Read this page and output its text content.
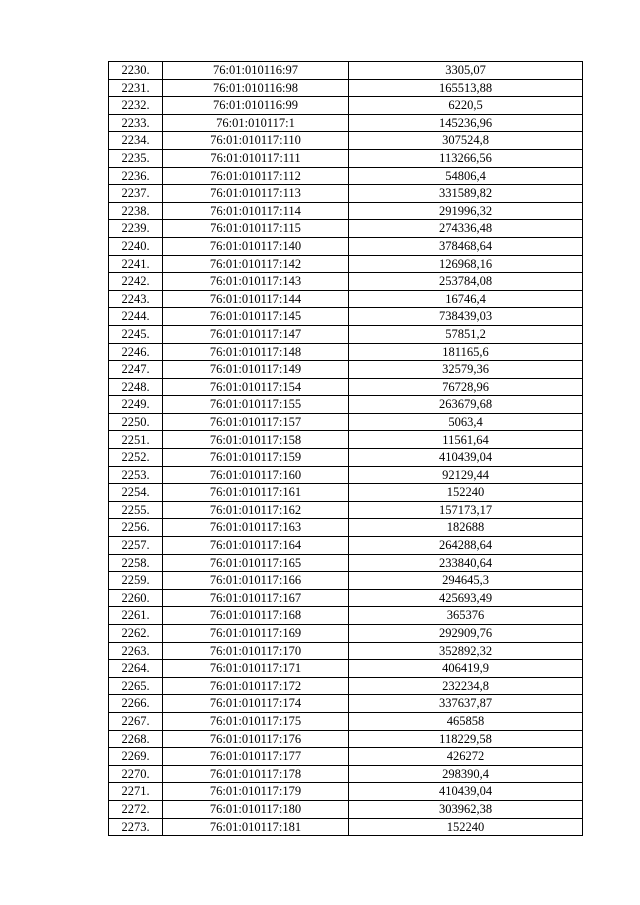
2230.	76:01:010116:97	3305,07
2231.	76:01:010116:98	165513,88
2232.	76:01:010116:99	6220,5
2233.	76:01:010117:1	145236,96
2234.	76:01:010117:110	307524,8
2235.	76:01:010117:111	113266,56
2236.	76:01:010117:112	54806,4
2237.	76:01:010117:113	331589,82
2238.	76:01:010117:114	291996,32
2239.	76:01:010117:115	274336,48
2240.	76:01:010117:140	378468,64
2241.	76:01:010117:142	126968,16
2242.	76:01:010117:143	253784,08
2243.	76:01:010117:144	16746,4
2244.	76:01:010117:145	738439,03
2245.	76:01:010117:147	57851,2
2246.	76:01:010117:148	181165,6
2247.	76:01:010117:149	32579,36
2248.	76:01:010117:154	76728,96
2249.	76:01:010117:155	263679,68
2250.	76:01:010117:157	5063,4
2251.	76:01:010117:158	11561,64
2252.	76:01:010117:159	410439,04
2253.	76:01:010117:160	92129,44
2254.	76:01:010117:161	152240
2255.	76:01:010117:162	157173,17
2256.	76:01:010117:163	182688
2257.	76:01:010117:164	264288,64
2258.	76:01:010117:165	233840,64
2259.	76:01:010117:166	294645,3
2260.	76:01:010117:167	425693,49
2261.	76:01:010117:168	365376
2262.	76:01:010117:169	292909,76
2263.	76:01:010117:170	352892,32
2264.	76:01:010117:171	406419,9
2265.	76:01:010117:172	232234,8
2266.	76:01:010117:174	337637,87
2267.	76:01:010117:175	465858
2268.	76:01:010117:176	118229,58
2269.	76:01:010117:177	426272
2270.	76:01:010117:178	298390,4
2271.	76:01:010117:179	410439,04
2272.	76:01:010117:180	303962,38
2273.	76:01:010117:181	152240
